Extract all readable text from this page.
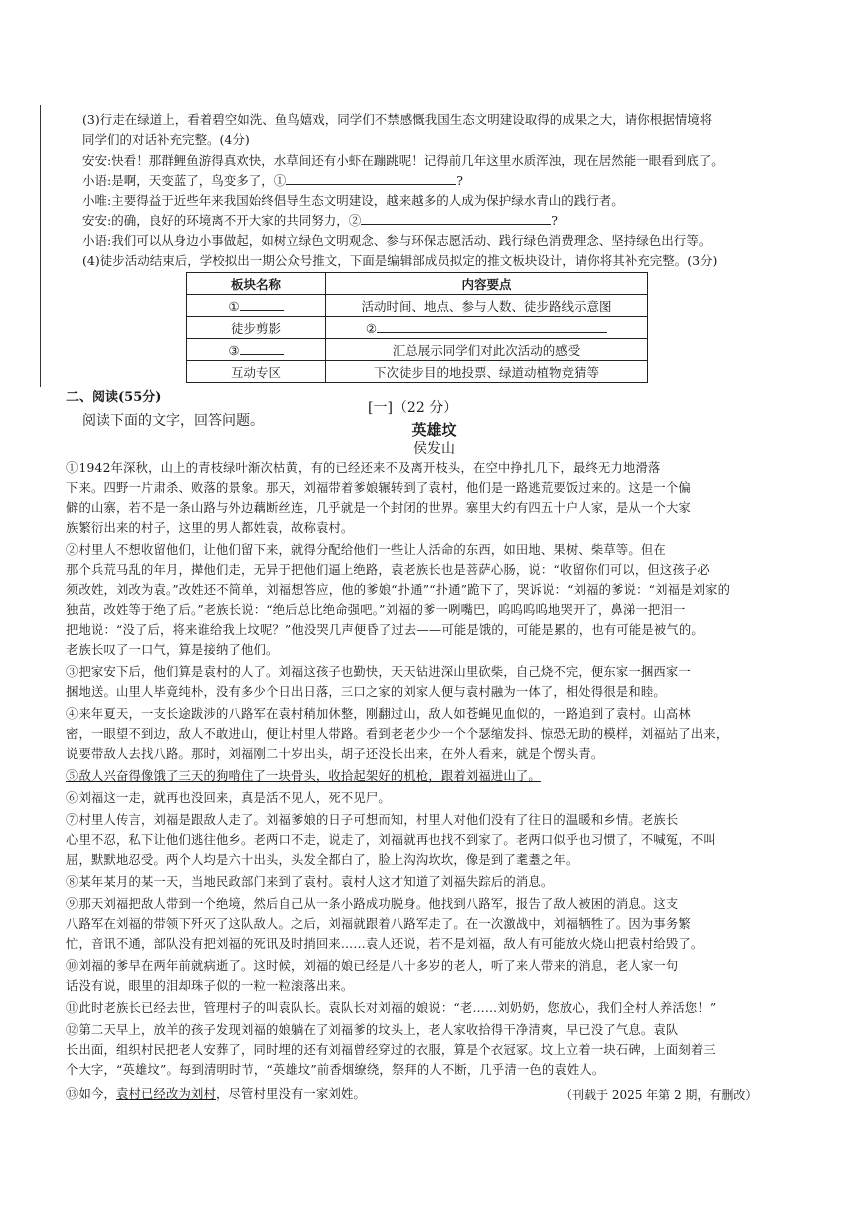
(3)行走在绿道上，看着碧空如洗、鱼鸟嬉戏，同学们不禁感慨我国生态文明建设取得的成果之大，请你根据情境将
同学们的对话补充完整。(4分)
安安:快看！那群鲤鱼游得真欢快，水草间还有小虾在蹦跳呢！记得前几年这里水质浑浊，现在居然能一眼看到底了。
小语:是啊，天变蓝了，鸟变多了，①	?
小唯:主要得益于近些年来我国始终倡导生态文明建设，越来越多的人成为保护绿水青山的践行者。
安安:的确，良好的环境离不开大家的共同努力，②	?
小语:我们可以从身边小事做起，如树立绿色文明观念、参与环保志愿活动、践行绿色消费理念、坚持绿色出行等。
(4)徒步活动结束后，学校拟出一期公众号推文，下面是编辑部成员拟定的推文板块设计，请你将其补充完整。(3分)
板块名称	内容要点
①	活动时间、地点、参与人数、徒步路线示意图
徒步剪影	②
③	汇总展示同学们对此次活动的感受
互动专区	下次徒步目的地投票、绿道动植物竞猜等
二、阅读(55分)
阅读下面的文字，回答问题。
[一]（22 分）
英雄坟
侯发山
①1942年深秋，山上的青枝绿叶渐次枯黄，有的已经还来不及离开枝头，在空中挣扎几下，最终无力地滑落
下来。四野一片肃杀、败落的景象。那天，刘福带着爹娘辗转到了袁村，他们是一路逃荒要饭过来的。这是一个偏
僻的山寨，若不是一条山路与外边藕断丝连，几乎就是一个封闭的世界。寨里大约有四五十户人家，是从一个大家
族繁衍出来的村子，这里的男人都姓袁，故称袁村。
②村里人不想收留他们，让他们留下来，就得分配给他们一些让人活命的东西，如田地、果树、柴草等。但在
那个兵荒马乱的年月，撵他们走，无异于把他们逼上绝路，袁老族长也是菩萨心肠，说：“收留你们可以，但这孩子必
须改姓，刘改为袁。”改姓还不简单，刘福想答应，他的爹娘“扑通”“扑通”跪下了，哭诉说：“刘福的爹说：“刘福是刘家的
独苗，改姓等于绝了后。”老族长说：“绝后总比绝命强吧。”刘福的爹一咧嘴巴，呜呜呜呜地哭开了，鼻涕一把泪一
把地说：“没了后，将来谁给我上坟呢？”他没哭几声便昏了过去——可能是饿的，可能是累的，也有可能是被气的。
老族长叹了一口气，算是接纳了他们。
③把家安下后，他们算是袁村的人了。刘福这孩子也勤快，天天钻进深山里砍柴，自己烧不完，便东家一捆西家一
捆地送。山里人毕竟纯朴，没有多少个日出日落，三口之家的刘家人便与袁村融为一体了，相处得很是和睦。
④来年夏天，一支长途跋涉的八路军在袁村稍加休整，刚翻过山，敌人如苍蝇见血似的，一路追到了袁村。山高林
密，一眼望不到边，敌人不敢进山，便让村里人带路。看到老老少少一个个瑟缩发抖、惊恐无助的模样，刘福站了出来，
说要带敌人去找八路。那时，刘福刚二十岁出头，胡子还没长出来，在外人看来，就是个愣头青。
⑤敌人兴奋得像饿了三天的狗啃住了一块骨头，收拾起架好的机枪，跟着刘福进山了。
⑥刘福这一走，就再也没回来，真是活不见人，死不见尸。
⑦村里人传言，刘福是跟敌人走了。刘福爹娘的日子可想而知，村里人对他们没有了往日的温暖和乡情。老族长
心里不忍，私下让他们逃往他乡。老两口不走，说走了，刘福就再也找不到家了。老两口似乎也习惯了，不喊冤，不叫
屈，默默地忍受。两个人均是六十出头，头发全都白了，脸上沟沟坎坎，像是到了耄耋之年。
⑧某年某月的某一天，当地民政部门来到了袁村。袁村人这才知道了刘福失踪后的消息。
⑨那天刘福把敌人带到一个绝境，然后自己从一条小路成功脱身。他找到八路军，报告了敌人被困的消息。这支
八路军在刘福的带领下歼灭了这队敌人。之后，刘福就跟着八路军走了。在一次激战中，刘福牺牲了。因为事务繁
忙，音讯不通，部队没有把刘福的死讯及时捎回来……袁人还说，若不是刘福，敌人有可能放火烧山把袁村给毁了。
⑩刘福的爹早在两年前就病逝了。这时候，刘福的娘已经是八十多岁的老人，听了来人带来的消息，老人家一句
话没有说，眼里的泪却珠子似的一粒一粒滚落出来。
⑪此时老族长已经去世，管理村子的叫袁队长。袁队长对刘福的娘说：“老……刘奶奶，您放心，我们全村人养活您！”
⑫第二天早上，放羊的孩子发现刘福的娘躺在了刘福爹的坟头上，老人家收拾得干净清爽，早已没了气息。袁队
长出面，组织村民把老人安葬了，同时埋的还有刘福曾经穿过的衣服，算是个衣冠冢。坟上立着一块石碑，上面刻着三
个大字，“英雄坟”。每到清明时节，“英雄坟”前香烟缭绕，祭拜的人不断，几乎清一色的袁姓人。
⑬如今，袁村已经改为刘村，尽管村里没有一家刘姓。	（刊载于 2025 年第 2 期，有删改）
